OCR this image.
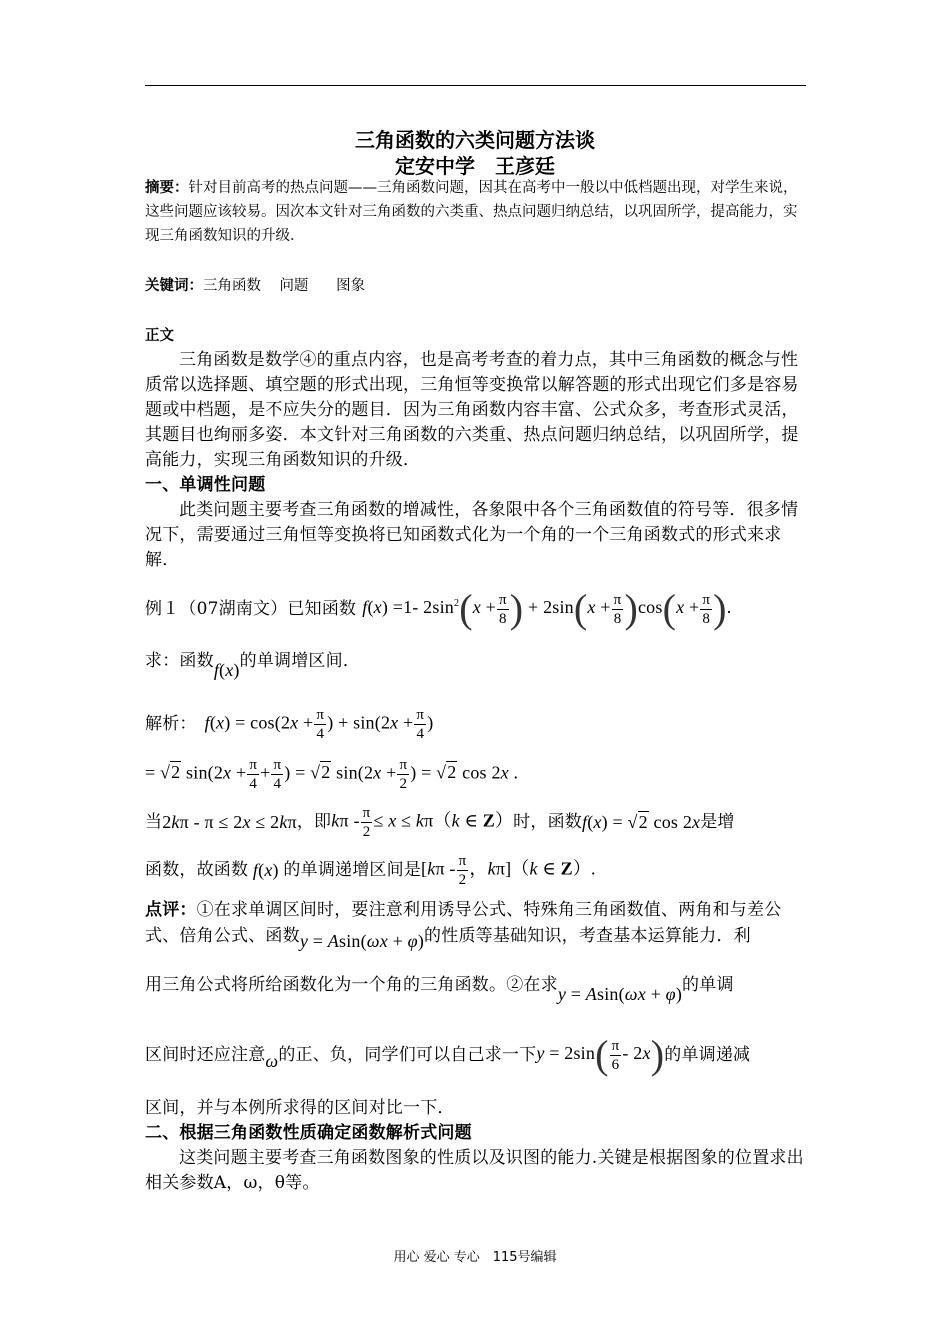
三角函数的六类问题方法谈
定安中学　王彦廷
摘要：针对目前高考的热点问题——三角函数问题，因其在高考中一般以中低档题出现，对学生来说，这些问题应该较易。因次本文针对三角函数的六类重、热点问题归纳总结，以巩固所学，提高能力，实现三角函数知识的升级．
关键词：三角函数 问题 图象
正文
三角函数是数学④的重点内容，也是高考考查的着力点，其中三角函数的概念与性质常以选择题、填空题的形式出现，三角恒等变换常以解答题的形式出现它们多是容易题或中档题，是不应失分的题目．因为三角函数内容丰富、公式众多，考查形式灵活，其题目也绚丽多姿．本文针对三角函数的六类重、热点问题归纳总结，以巩固所学，提高能力，实现三角函数知识的升级．
一、单调性问题
此类问题主要考查三角函数的增减性，各象限中各个三角函数值的符号等．很多情况下，需要通过三角恒等变换将已知函数式化为一个角的一个三角函数式的形式来求解．
例１（07湖南文）已知函数 f(x) =1- $2\sin^2(x + \frac{\pi}{8}$ ) + $2\sin(x + \frac{\pi}{8} )\cos(x + \frac{\pi}{8}$ ).
求：函数f(x)的单调增区间．
解析： $f(x) = \cos(2x + \frac{\pi}{4}$ ) + $\sin(2x + \frac{\pi}{4}$ )
= √2 $\sin(2x + \frac{\pi}{4} + \frac{\pi}{4}$ ) = √2 $\sin(2x + \frac{\pi}{2}$ ) = √2 cos 2x .
当 2kπ - π ≤ 2x ≤ 2kπ ，即 $k\pi - \frac{\pi}{2} \le x \le k\pi(k$ ∈ Z） 时，函数 f(x) = √2 cos 2x 是增
函数，故函数 f(x) 的单调递增区间是 [$k\pi - \frac{\pi}{2}$ ，kπ]（k ∈ Z）.
点评：①在求单调区间时，要注意利用诱导公式、特殊角三角函数值、两角和与差公式、倍角公式、函数y = Asin(ωx + φ)的性质等基础知识，考查基本运算能力．利
用三角公式将所给函数化为一个角的三角函数。②在求y = Asin(ωx + φ)的单调
区间时还应注意 ω 的正、负，同学们可以自己求一下 $y = 2\sin( \frac{\pi}{6} - 2x)$ 的单调递减
区间，并与本例所求得的区间对比一下．
二、根据三角函数性质确定函数解析式问题
这类问题主要考查三角函数图象的性质以及识图的能力.关键是根据图象的位置求出相关参数A，ω，θ等。
用心 爱心 专心　115号编辑
